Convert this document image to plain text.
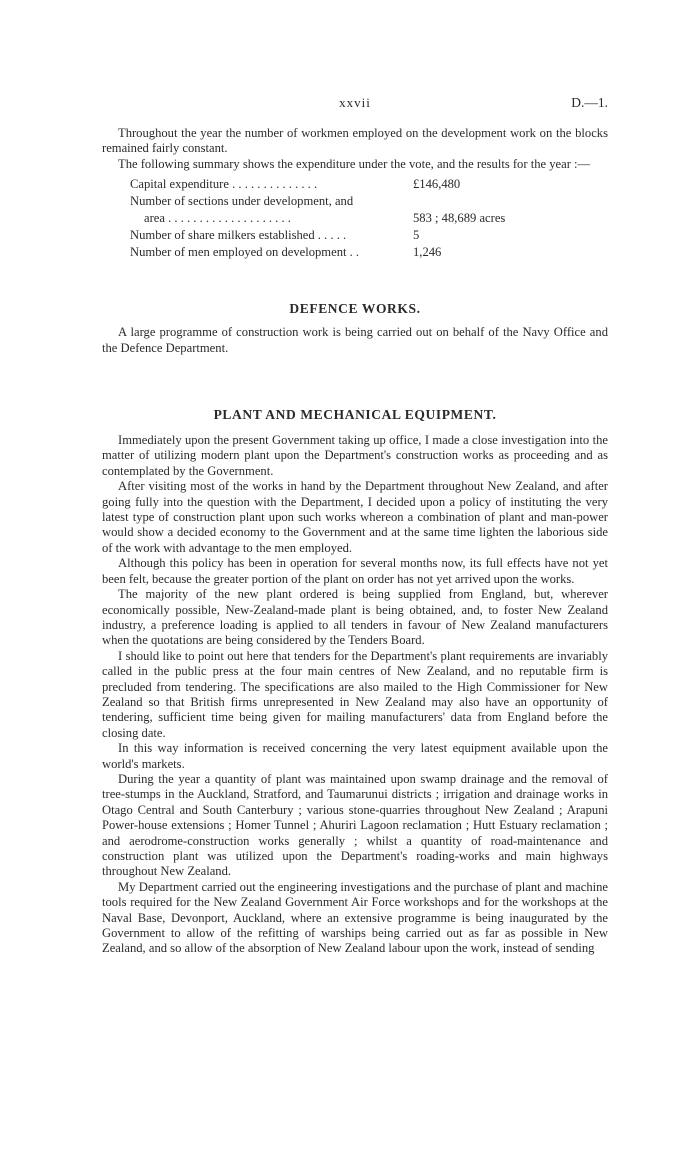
xxvii	D.—1.

Throughout the year the number of workmen employed on the development work on the blocks remained fairly constant.

The following summary shows the expenditure under the vote, and the results for the year :—

Capital expenditure . . . . . . . . . . . . . .	£146,480
Number of sections under development, and
area . . . . . . . . . . . . . . . . . . . .	583 ; 48,689 acres
Number of share milkers established . . . . .	5
Number of men employed on development . .	1,246
DEFENCE WORKS.

A large programme of construction work is being carried out on behalf of the Navy Office and the Defence Department.

PLANT AND MECHANICAL EQUIPMENT.

Immediately upon the present Government taking up office, I made a close investigation into the matter of utilizing modern plant upon the Department's construction works as proceeding and as contemplated by the Government.

After visiting most of the works in hand by the Department throughout New Zealand, and after going fully into the question with the Department, I decided upon a policy of instituting the very latest type of construction plant upon such works whereon a combination of plant and man-power would show a decided economy to the Government and at the same time lighten the laborious side of the work with advantage to the men employed.

Although this policy has been in operation for several months now, its full effects have not yet been felt, because the greater portion of the plant on order has not yet arrived upon the works.

The majority of the new plant ordered is being supplied from England, but, wherever economically possible, New-Zealand-made plant is being obtained, and, to foster New Zealand industry, a preference loading is applied to all tenders in favour of New Zealand manufacturers when the quotations are being considered by the Tenders Board.

I should like to point out here that tenders for the Department's plant requirements are invariably called in the public press at the four main centres of New Zealand, and no reputable firm is precluded from tendering. The specifications are also mailed to the High Commissioner for New Zealand so that British firms unrepresented in New Zealand may also have an opportunity of tendering, sufficient time being given for mailing manufacturers' data from England before the closing date.

In this way information is received concerning the very latest equipment available upon the world's markets.

During the year a quantity of plant was maintained upon swamp drainage and the removal of tree-stumps in the Auckland, Stratford, and Taumarunui districts ; irrigation and drainage works in Otago Central and South Canterbury ; various stone-quarries throughout New Zealand ; Arapuni Power-house extensions ; Homer Tunnel ; Ahuriri Lagoon reclamation ; Hutt Estuary reclamation ; and aerodrome-construction works generally ; whilst a quantity of road-maintenance and construction plant was utilized upon the Department's roading-works and main highways throughout New Zealand.

My Department carried out the engineering investigations and the purchase of plant and machine tools required for the New Zealand Government Air Force workshops and for the workshops at the Naval Base, Devonport, Auckland, where an extensive programme is being inaugurated by the Government to allow of the refitting of warships being carried out as far as possible in New Zealand, and so allow of the absorption of New Zealand labour upon the work, instead of sending
